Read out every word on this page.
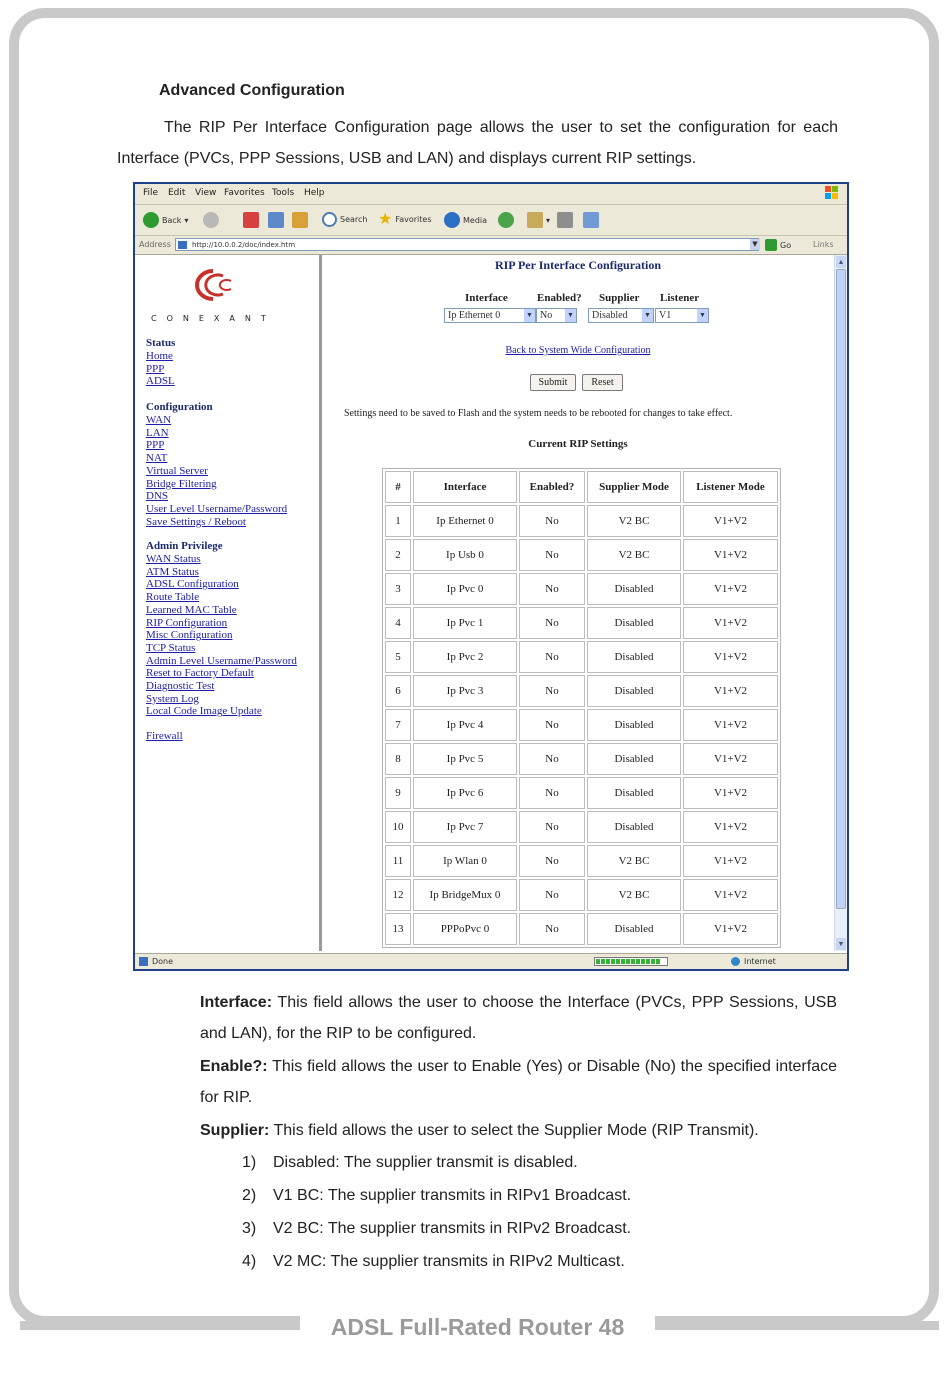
Advanced Configuration

The RIP Per Interface Configuration page allows the user to set the configuration for each Interface (PVCs, PPP Sessions, USB and LAN) and displays current RIP settings.

File Edit View Favorites Tools Help
Back ▾	Search ★ Favorites	Media	▾
Address	http://10.0.0.2/doc/index.htm	▼	Go	Links
CONEXANT
Status
Home
PPP
ADSL
Configuration
WAN
LAN
PPP
NAT
Virtual Server
Bridge Filtering
DNS
User Level Username/Password
Save Settings / Reboot
Admin Privilege
WAN Status
ATM Status
ADSL Configuration
Route Table
Learned MAC Table
RIP Configuration
Misc Configuration
TCP Status
Admin Level Username/Password
Reset to Factory Default
Diagnostic Test
System Log
Local Code Image Update
Firewall
RIP Per Interface Configuration
Interface	Enabled? Supplier Listener
Ip Ethernet 0	▼ No ▼	Disabled ▼ V1	▼
Back to System Wide Configuration
Submit	Reset
Settings need to be saved to Flash and the system needs to be rebooted for changes to take effect.
Current RIP Settings
#	Interface	Enabled?	Supplier Mode	Listener Mode
1	Ip Ethernet 0	No	V2 BC	V1+V2
2	Ip Usb 0	No	V2 BC	V1+V2
3	Ip Pvc 0	No	Disabled	V1+V2
4	Ip Pvc 1	No	Disabled	V1+V2
5	Ip Pvc 2	No	Disabled	V1+V2
6	Ip Pvc 3	No	Disabled	V1+V2
7	Ip Pvc 4	No	Disabled	V1+V2
8	Ip Pvc 5	No	Disabled	V1+V2
9	Ip Pvc 6	No	Disabled	V1+V2
10	Ip Pvc 7	No	Disabled	V1+V2
11	Ip Wlan 0	No	V2 BC	V1+V2
12	Ip BridgeMux 0	No	V2 BC	V1+V2
13	PPPoPvc 0	No	Disabled	V1+V2
▲
▼
Done	Internet

Interface: This field allows the user to choose the Interface (PVCs, PPP Sessions, USB and LAN), for the RIP to be configured.

Enable?: This field allows the user to Enable (Yes) or Disable (No) the specified interface for RIP.

Supplier: This field allows the user to select the Supplier Mode (RIP Transmit).

1) Disabled: The supplier transmit is disabled.
2) V1 BC: The supplier transmits in RIPv1 Broadcast.
3) V2 BC: The supplier transmits in RIPv2 Broadcast.
4) V2 MC: The supplier transmits in RIPv2 Multicast.
ADSL Full-Rated Router 48
